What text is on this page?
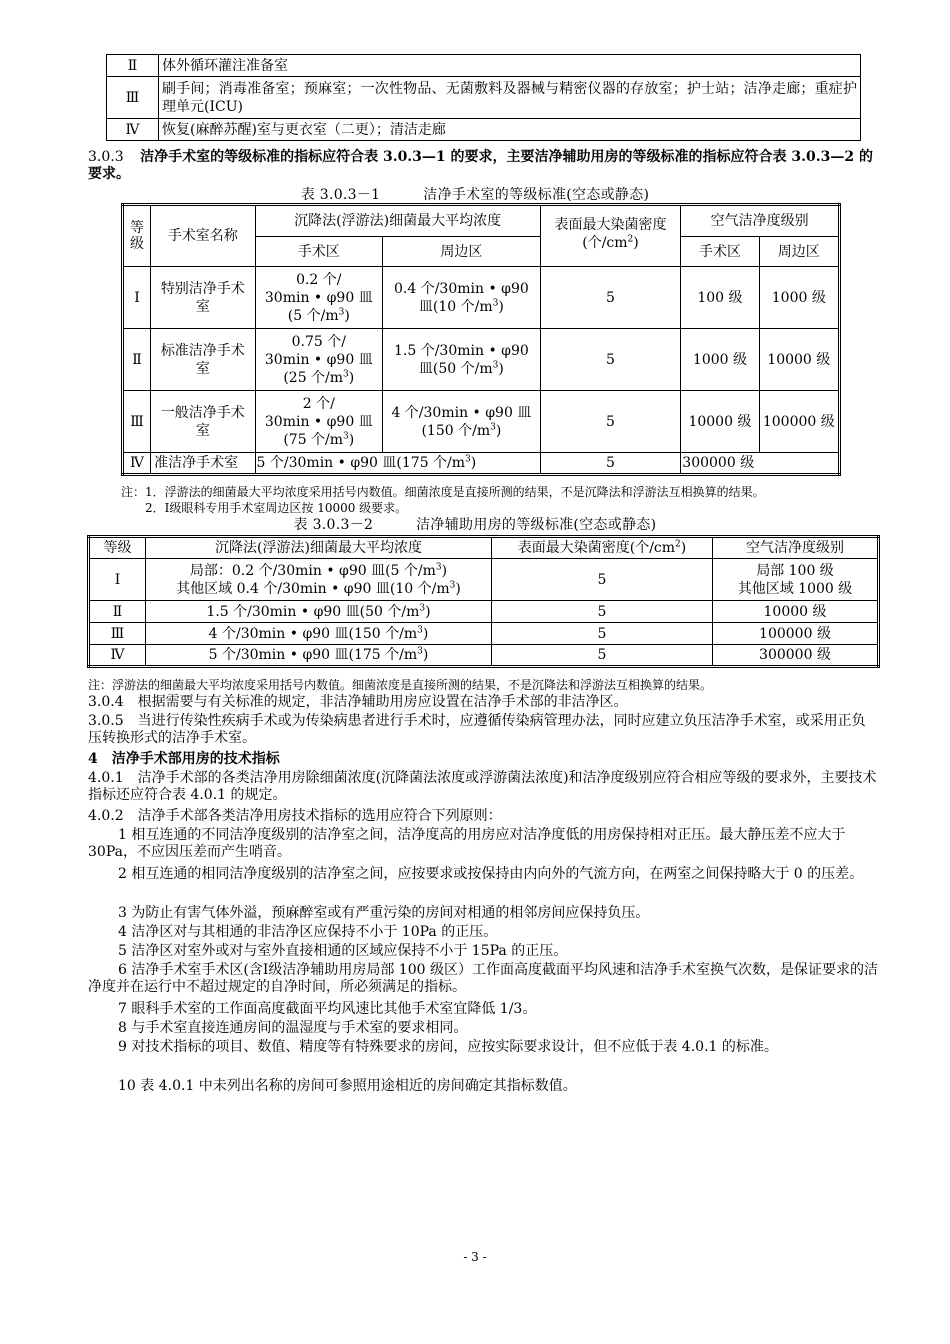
Ⅱ	体外循环灌注准备室
Ⅲ	刷手间；消毒准备室；预麻室；一次性物品、无菌敷料及器械与精密仪器的存放室；护士站；洁净走廊；重症护理单元(ICU)
Ⅳ	恢复(麻醉苏醒)室与更衣室（二更）；清洁走廊
3.0.3 洁净手术室的等级标准的指标应符合表 3.0.3—1 的要求，主要洁净辅助用房的等级标准的指标应符合表 3.0.3—2 的要求。
表 3.0.3－1　　　洁净手术室的等级标准(空态或静态)
等级	手术室名称	沉降法(浮游法)细菌最大平均浓度		表面最大染菌密度
(个$/cm^2$)	空气洁净度级别	
		手术区	周边区		手术区	周边区
Ⅰ	特别洁净手术室	0.2 个/
30min • φ90 皿
(5 个$/m^3$)	0.4 个/30min • φ90
皿(10 个$/m^3$)	5	100 级	1000 级
Ⅱ	标准洁净手术室	0.75 个/
30min • φ90 皿
(25 个$/m^3$)	1.5 个/30min • φ90
皿(50 个$/m^3$)	5	1000 级	10000 级
Ⅲ	一般洁净手术室	2 个/
30min • φ90 皿
(75 个$/m^3$)	4 个/30min • φ90 皿
(150 个$/m^3$)	5	10000 级	100000 级
Ⅳ	准洁净手术室	5 个/30min • φ90 皿(175 个$/m^3$)		5	300000 级	
注：1．浮游法的细菌最大平均浓度采用括号内数值。细菌浓度是直接所测的结果，不是沉降法和浮游法互相换算的结果。
2．Ⅰ级眼科专用手术室周边区按 10000 级要求。
表 3.0.3－2　　　洁净辅助用房的等级标准(空态或静态)
等级	沉降法(浮游法)细菌最大平均浓度	表面最大染菌密度(个$/cm^2$)	空气洁净度级别
Ⅰ	局部：0.2 个/30min • φ90 皿(5 个$/m^3$)
其他区域 0.4 个/30min • φ90 皿(10 个$/m^3$)	5	局部 100 级
其他区域 1000 级
Ⅱ	1.5 个/30min • φ90 皿(50 个$/m^3$)	5	10000 级
Ⅲ	4 个/30min • φ90 皿(150 个$/m^3$)	5	100000 级
Ⅳ	5 个/30min • φ90 皿(175 个$/m^3$)	5	300000 级
注：浮游法的细菌最大平均浓度采用括号内数值。细菌浓度是直接所测的结果，不是沉降法和浮游法互相换算的结果。
3.0.4　根据需要与有关标准的规定，非洁净辅助用房应设置在洁净手术部的非洁净区。
3.0.5　当进行传染性疾病手术或为传染病患者进行手术时，应遵循传染病管理办法，同时应建立负压洁净手术室，或采用正负压转换形式的洁净手术室。
4　洁净手术部用房的技术指标
4.0.1　洁净手术部的各类洁净用房除细菌浓度(沉降菌法浓度或浮游菌法浓度)和洁净度级别应符合相应等级的要求外，主要技术指标还应符合表 4.0.1 的规定。
4.0.2　洁净手术部各类洁净用房技术指标的选用应符合下列原则：
1 相互连通的不同洁净度级别的洁净室之间，洁净度高的用房应对洁净度低的用房保持相对正压。最大静压差不应大于 30Pa，不应因压差而产生哨音。
2 相互连通的相同洁净度级别的洁净室之间，应按要求或按保持由内向外的气流方向，在两室之间保持略大于 0 的压差。
3 为防止有害气体外溢，预麻醉室或有严重污染的房间对相通的相邻房间应保持负压。
4 洁净区对与其相通的非洁净区应保持不小于 10Pa 的正压。
5 洁净区对室外或对与室外直接相通的区域应保持不小于 15Pa 的正压。
6 洁净手术室手术区(含Ⅰ级洁净辅助用房局部 100 级区）工作面高度截面平均风速和洁净手术室换气次数，是保证要求的洁净度并在运行中不超过规定的自净时间，所必须满足的指标。
7 眼科手术室的工作面高度截面平均风速比其他手术室宜降低 1/3。
8 与手术室直接连通房间的温湿度与手术室的要求相同。
9 对技术指标的项目、数值、精度等有特殊要求的房间，应按实际要求设计，但不应低于表 4.0.1 的标准。
10 表 4.0.1 中未列出名称的房间可参照用途相近的房间确定其指标数值。
- 3 -
